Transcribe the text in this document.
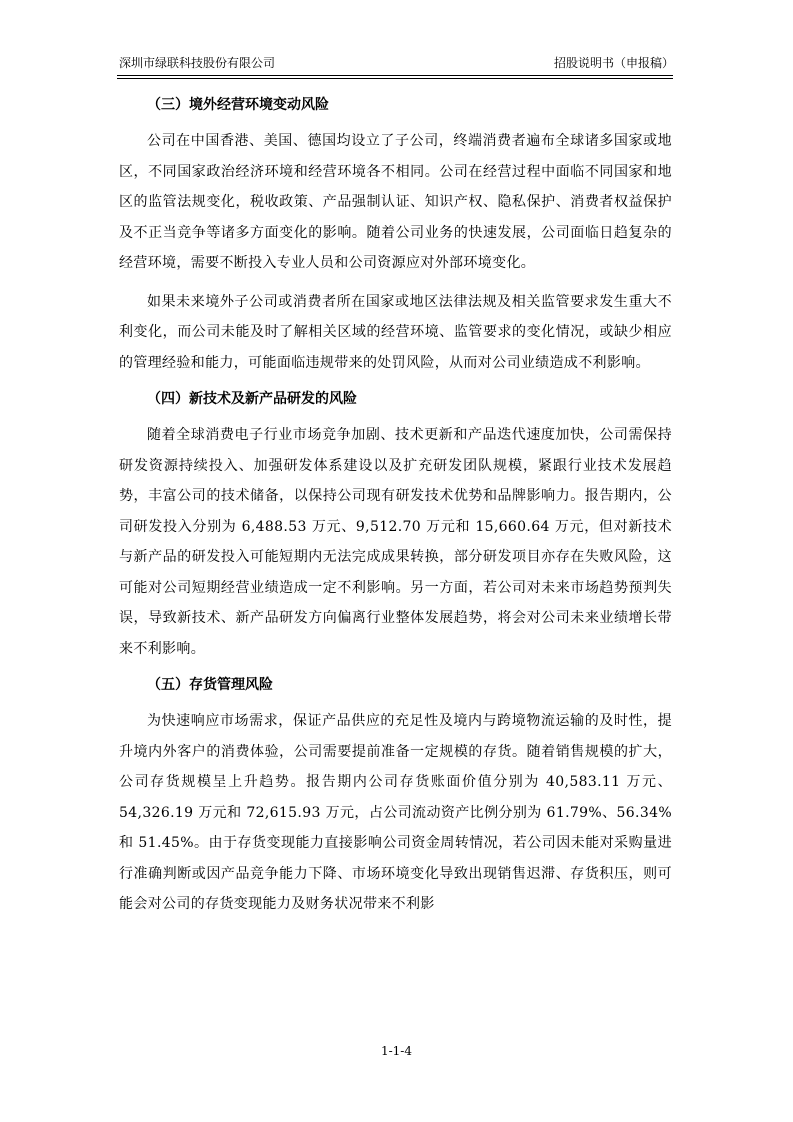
深圳市绿联科技股份有限公司	招股说明书（申报稿）
（三）境外经营环境变动风险

公司在中国香港、美国、德国均设立了子公司，终端消费者遍布全球诸多国家或地区，不同国家政治经济环境和经营环境各不相同。公司在经营过程中面临不同国家和地区的监管法规变化，税收政策、产品强制认证、知识产权、隐私保护、消费者权益保护及不正当竞争等诸多方面变化的影响。随着公司业务的快速发展，公司面临日趋复杂的经营环境，需要不断投入专业人员和公司资源应对外部环境变化。

如果未来境外子公司或消费者所在国家或地区法律法规及相关监管要求发生重大不利变化，而公司未能及时了解相关区域的经营环境、监管要求的变化情况，或缺少相应的管理经验和能力，可能面临违规带来的处罚风险，从而对公司业绩造成不利影响。

（四）新技术及新产品研发的风险

随着全球消费电子行业市场竞争加剧、技术更新和产品迭代速度加快，公司需保持研发资源持续投入、加强研发体系建设以及扩充研发团队规模，紧跟行业技术发展趋势，丰富公司的技术储备，以保持公司现有研发技术优势和品牌影响力。报告期内，公司研发投入分别为 6,488.53 万元、9,512.70 万元和 15,660.64 万元，但对新技术与新产品的研发投入可能短期内无法完成成果转换，部分研发项目亦存在失败风险，这可能对公司短期经营业绩造成一定不利影响。另一方面，若公司对未来市场趋势预判失误，导致新技术、新产品研发方向偏离行业整体发展趋势，将会对公司未来业绩增长带来不利影响。

（五）存货管理风险

为快速响应市场需求，保证产品供应的充足性及境内与跨境物流运输的及时性，提升境内外客户的消费体验，公司需要提前准备一定规模的存货。随着销售规模的扩大，公司存货规模呈上升趋势。报告期内公司存货账面价值分别为 40,583.11 万元、54,326.19 万元和 72,615.93 万元，占公司流动资产比例分别为 61.79%、56.34%和 51.45%。由于存货变现能力直接影响公司资金周转情况，若公司因未能对采购量进行准确判断或因产品竞争能力下降、市场环境变化导致出现销售迟滞、存货积压，则可能会对公司的存货变现能力及财务状况带来不利影

1-1-4
